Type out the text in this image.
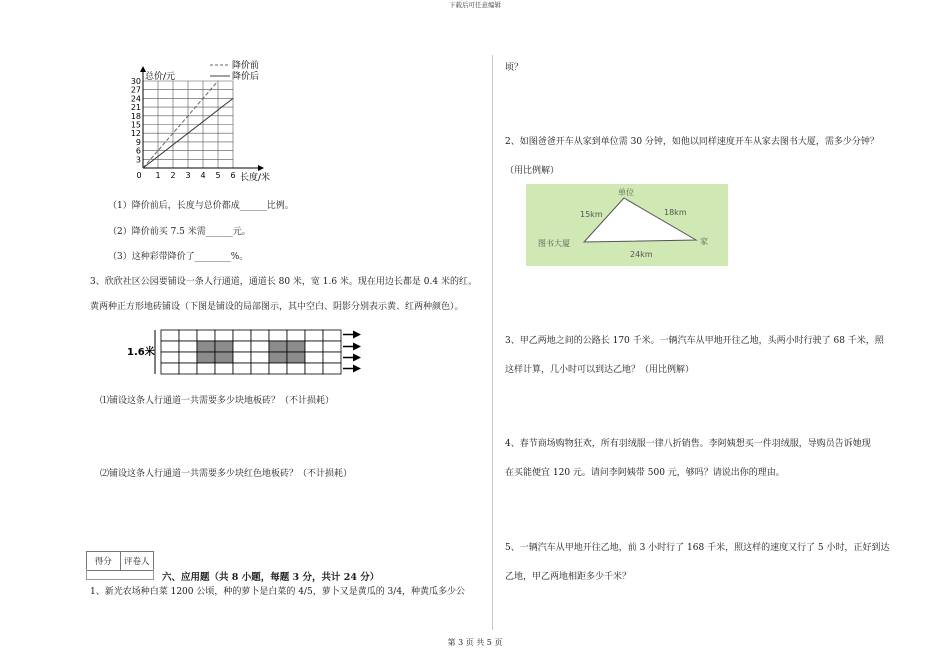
下载后可任意编辑
3
6
9
12
15
18
21
24
27
30
0 1 2 3 4 5 6
总价/元
长度/米
降价前
降价后
（1）降价前后，长度与总价都成______比例。
（2）降价前买 7.5 米需______元。
（3）这种彩带降价了________%。
3、欣欣社区公园要铺设一条人行通道，通道长 80 米，宽 1.6 米。现在用边长都是 0.4 米的红、
黄两种正方形地砖铺设（下图是铺设的局部图示，其中空白、阴影分别表示黄、红两种颜色）。
1.6米
⑴铺设这条人行通道一共需要多少块地板砖？（不计损耗）
⑵铺设这条人行通道一共需要多少块红色地板砖？（不计损耗）
得分	评卷人
六、应用题（共 8 小题，每题 3 分，共计 24 分）
1、新光农场种白菜 1200 公顷，种的萝卜是白菜的 4/5，萝卜又是黄瓜的 3/4，种黄瓜多少公
顷？
2、如图爸爸开车从家到单位需 30 分钟，如他以同样速度开车从家去图书大厦，需多少分钟？
（用比例解）
单位
图书大厦	家
15km	18km
24km
3、甲乙两地之间的公路长 170 千米。一辆汽车从甲地开往乙地，头两小时行驶了 68 千米，照
这样计算，几小时可以到达乙地？（用比例解）
4、春节商场购物狂欢，所有羽绒服一律八折销售。李阿姨想买一件羽绒服，导购员告诉她现
在买能便宜 120 元。请问李阿姨带 500 元，够吗？请说出你的理由。
5、一辆汽车从甲地开往乙地，前 3 小时行了 168 千米，照这样的速度又行了 5 小时，正好到达
乙地，甲乙两地相距多少千米？
第 3 页 共 5 页
